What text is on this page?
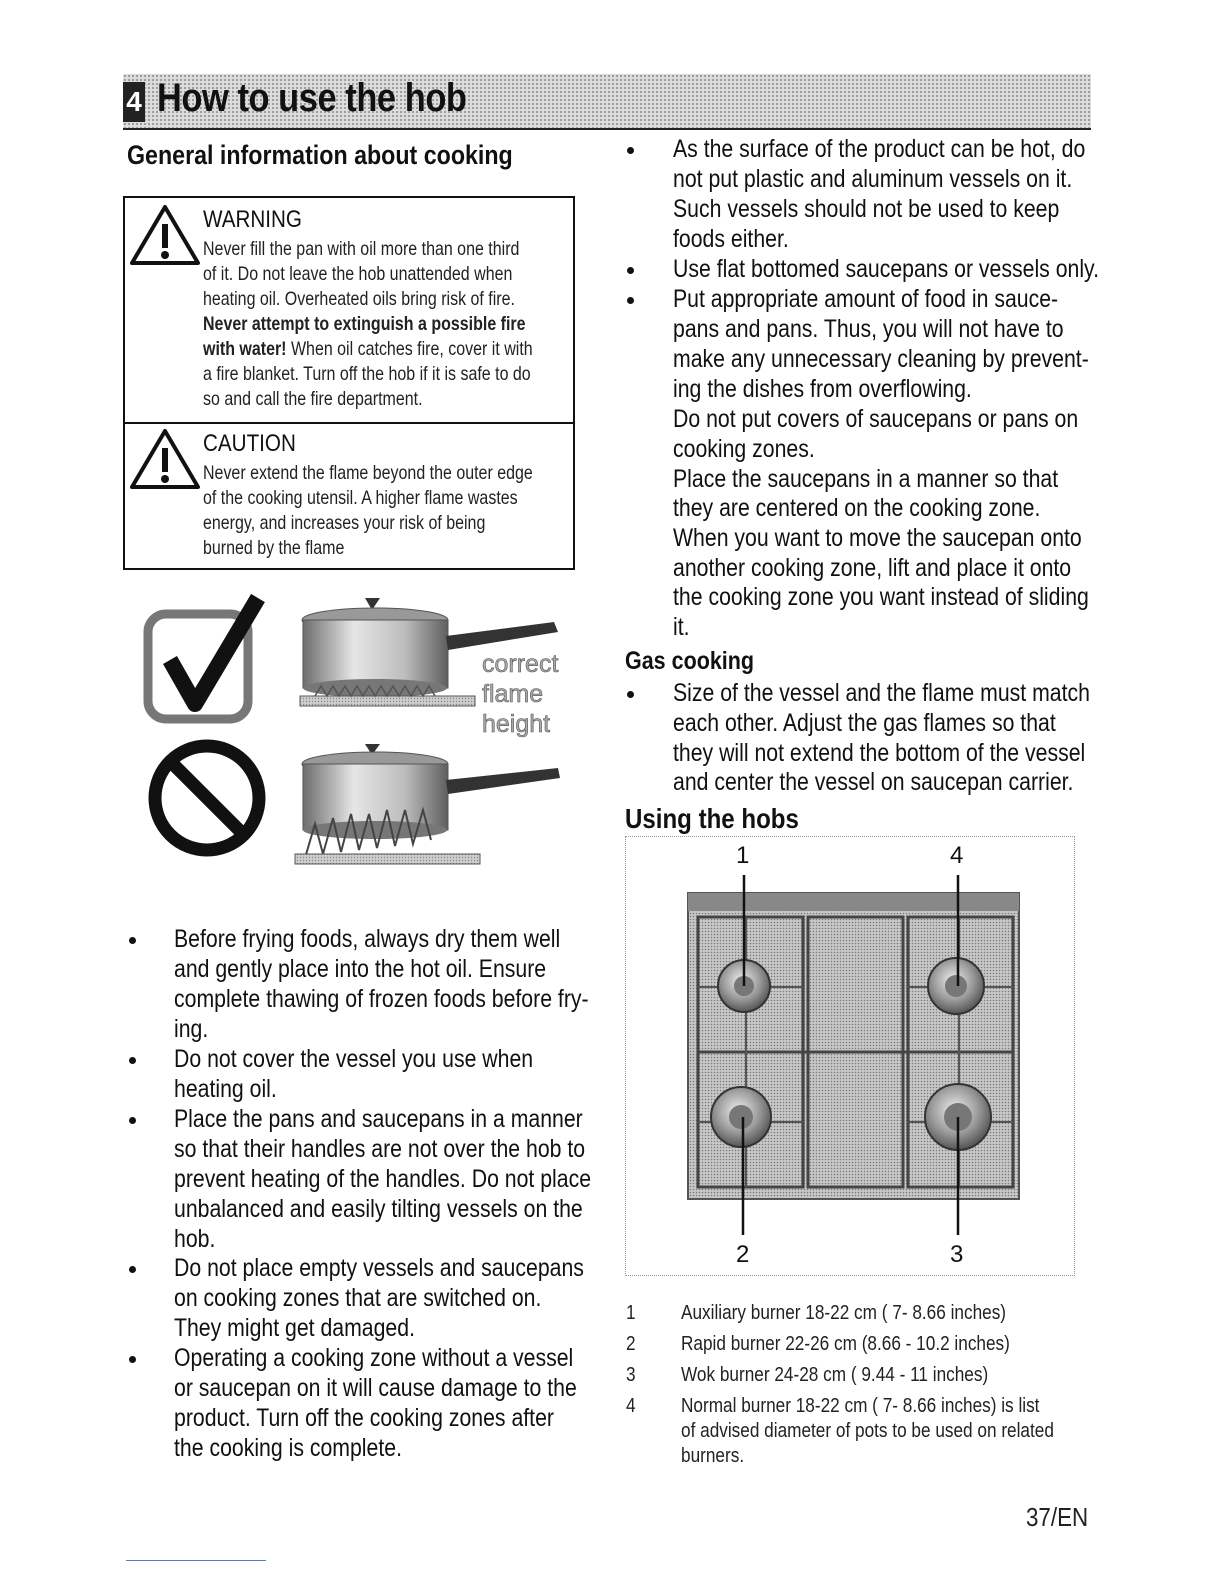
4 How to use the hob
General information about cooking
WARNING
Never fill the pan with oil more than one third
of it. Do not leave the hob unattended when
heating oil. Overheated oils bring risk of fire.
Never attempt to extinguish a possible fire
with water! When oil catches fire, cover it with
a fire blanket. Turn off the hob if it is safe to do
so and call the fire department.
CAUTION
Never extend the flame beyond the outer edge
of the cooking utensil. A higher flame wastes
energy, and increases your risk of being
burned by the flame
correct
flame
height
Before frying foods, always dry them well
and gently place into the hot oil. Ensure
complete thawing of frozen foods before fry-
ing.
Do not cover the vessel you use when
heating oil.
Place the pans and saucepans in a manner
so that their handles are not over the hob to
prevent heating of the handles. Do not place
unbalanced and easily tilting vessels on the
hob.
Do not place empty vessels and saucepans
on cooking zones that are switched on.
They might get damaged.
Operating a cooking zone without a vessel
or saucepan on it will cause damage to the
product. Turn off the cooking zones after
the cooking is complete.
As the surface of the product can be hot, do
not put plastic and aluminum vessels on it.
Such vessels should not be used to keep
foods either.
Use flat bottomed saucepans or vessels only.
Put appropriate amount of food in sauce-
pans and pans. Thus, you will not have to
make any unnecessary cleaning by prevent-
ing the dishes from overflowing.
Do not put covers of saucepans or pans on
cooking zones.
Place the saucepans in a manner so that
they are centered on the cooking zone.
When you want to move the saucepan onto
another cooking zone, lift and place it onto
the cooking zone you want instead of sliding
it.
Gas cooking
Size of the vessel and the flame must match
each other. Adjust the gas flames so that
they will not extend the bottom of the vessel
and center the vessel on saucepan carrier.
Using the hobs
1	4
2	3
1 Auxiliary burner 18-22 cm ( 7- 8.66 inches)
2 Rapid burner 22-26 cm (8.66 - 10.2 inches)
3 Wok burner 24-28 cm ( 9.44 - 11 inches)
4 Normal burner 18-22 cm ( 7- 8.66 inches) is list
of advised diameter of pots to be used on related
burners.
37/EN
